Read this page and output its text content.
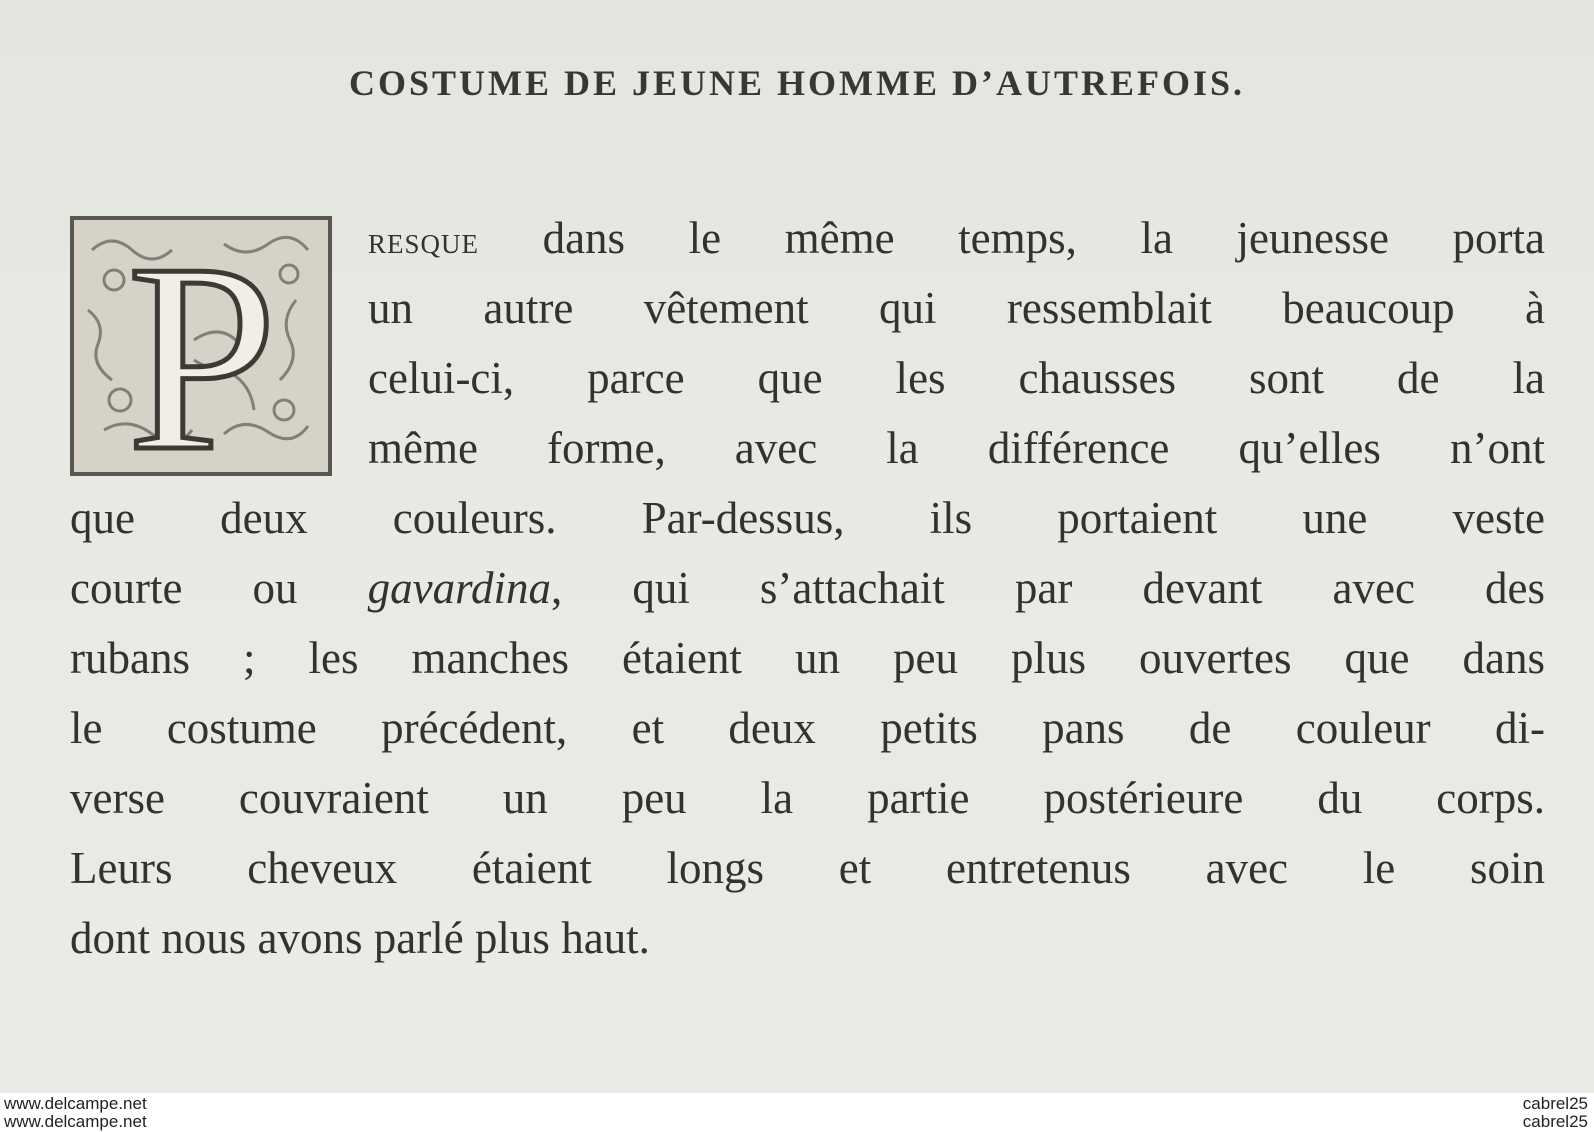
COSTUME DE JEUNE HOMME D’AUTREFOIS.
P resque dans le même temps, la jeunesse porta

un autre vêtement qui ressemblait beaucoup à

celui-ci, parce que les chausses sont de la

même forme, avec la différence qu’elles n’ont

que deux couleurs. Par-dessus, ils portaient une veste

courte ou gavardina, qui s’attachait par devant avec des

rubans ; les manches étaient un peu plus ouvertes que dans

le costume précédent, et deux petits pans de couleur di-

verse couvraient un peu la partie postérieure du corps.

Leurs cheveux étaient longs et entretenus avec le soin

dont nous avons parlé plus haut.

www.delcampe.net
www.delcampe.net
cabrel25
cabrel25
